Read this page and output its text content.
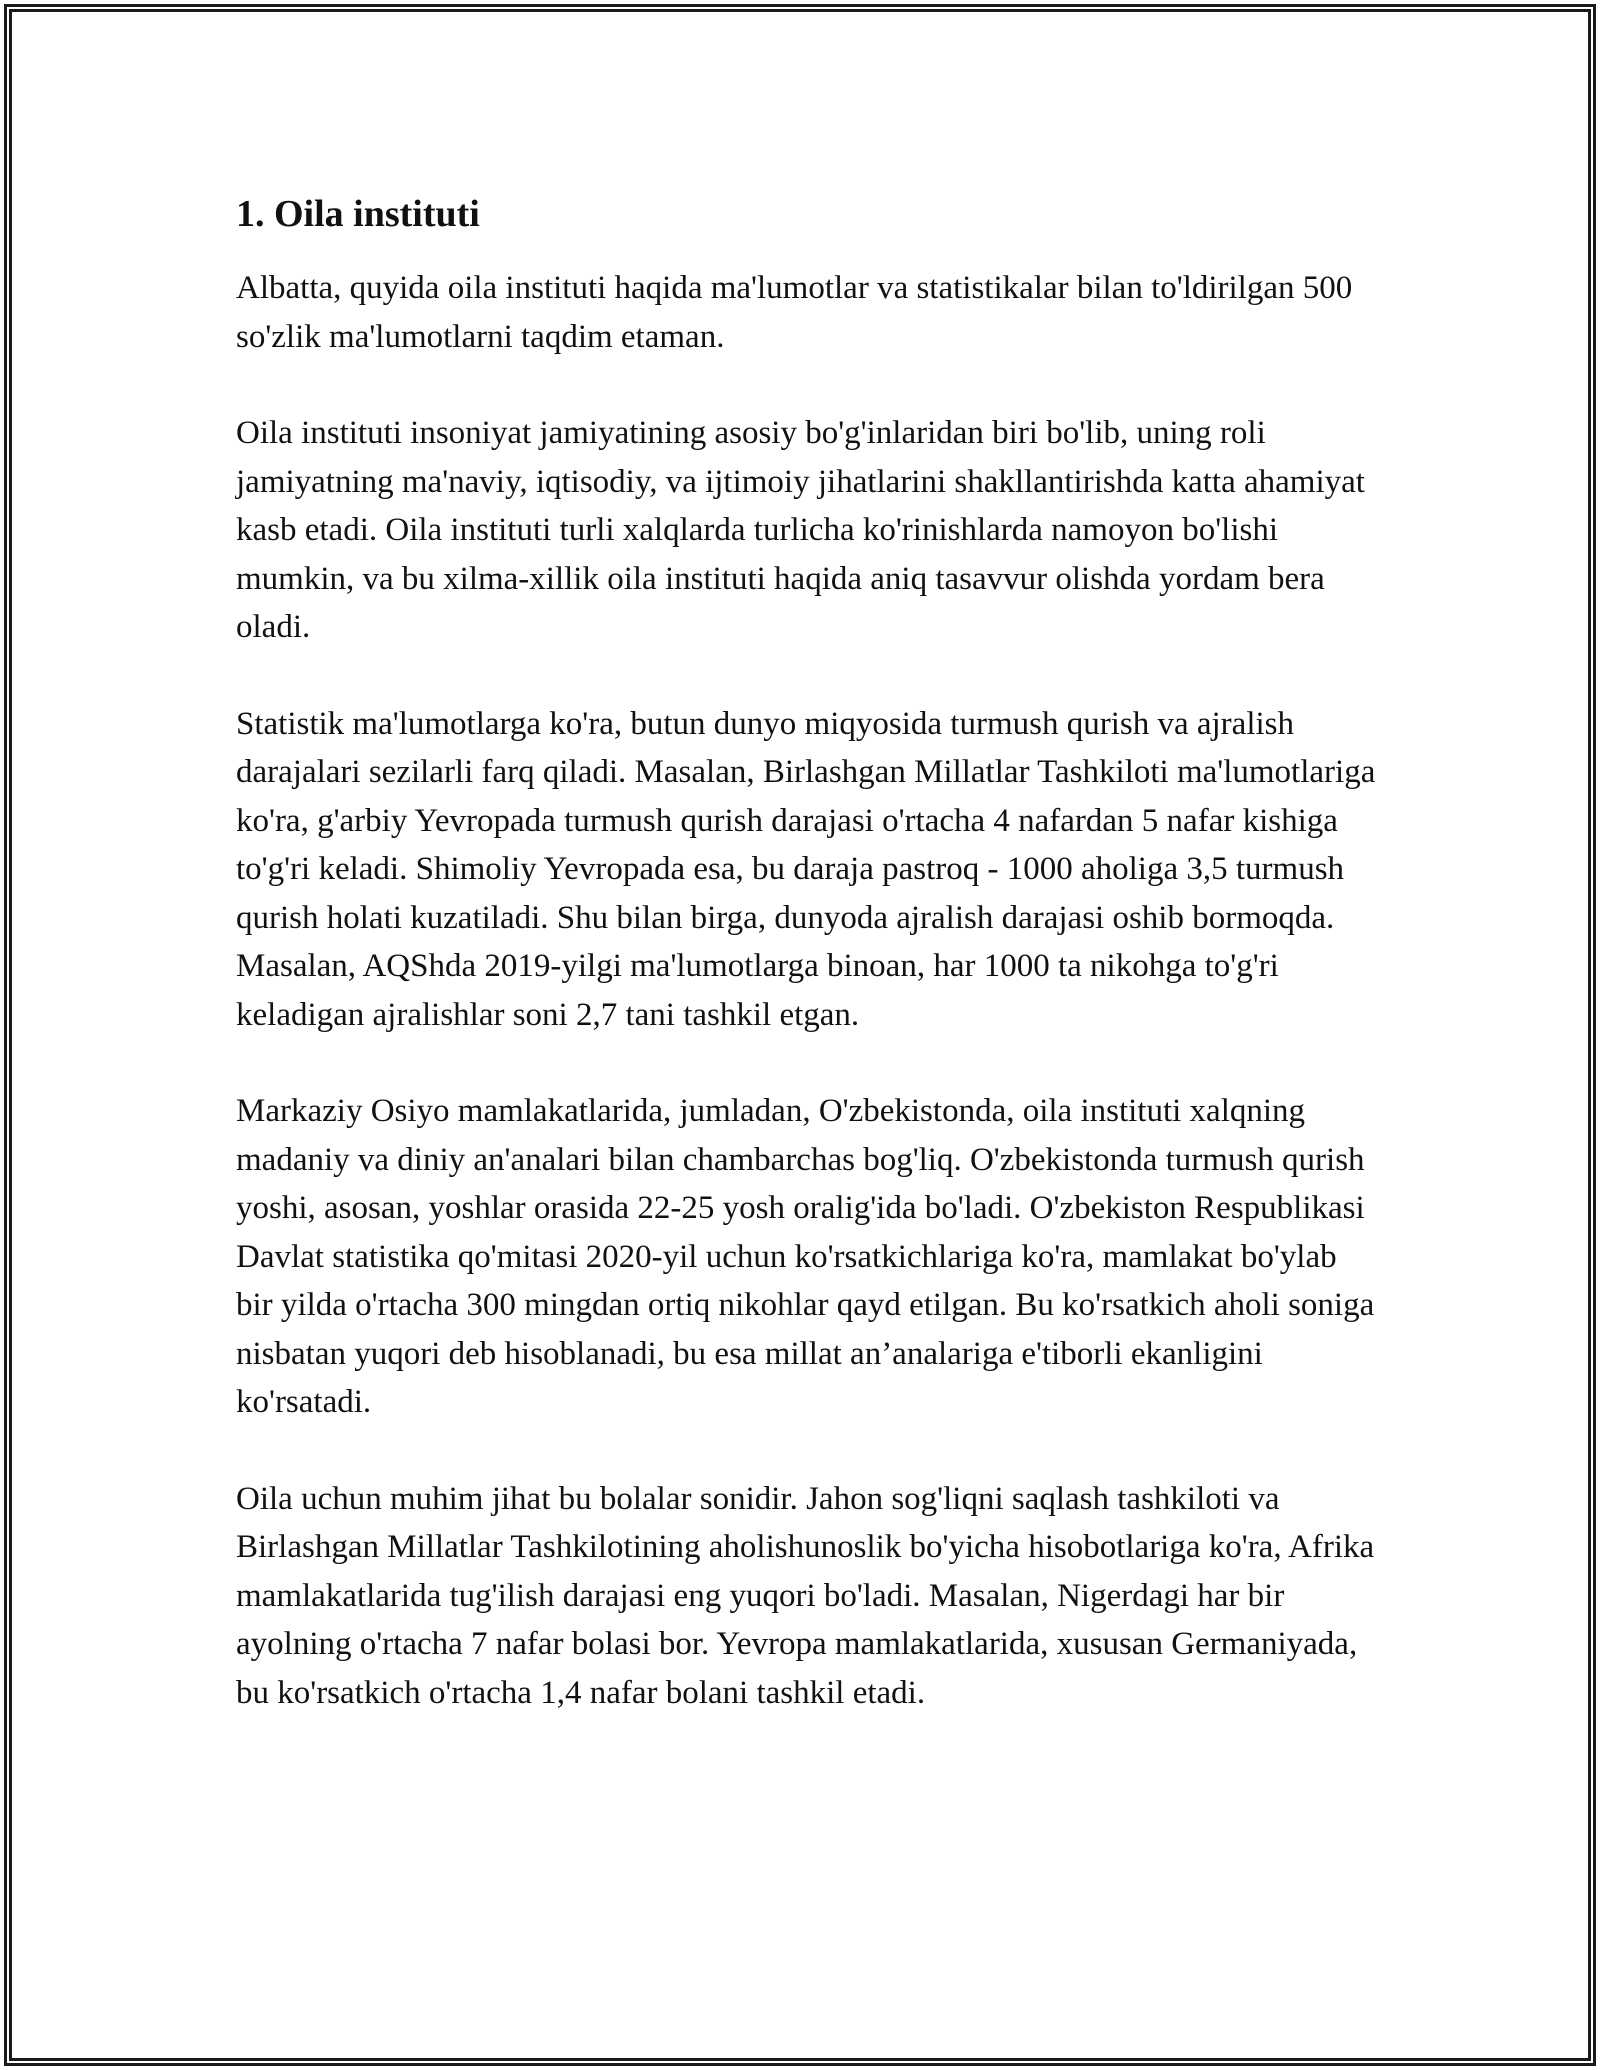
1. Oila instituti

Albatta, quyida oila instituti haqida ma'lumotlar va statistikalar bilan to'ldirilgan 500 so'zlik ma'lumotlarni taqdim etaman.

Oila instituti insoniyat jamiyatining asosiy bo'g'inlaridan biri bo'lib, uning roli jamiyatning ma'naviy, iqtisodiy, va ijtimoiy jihatlarini shakllantirishda katta ahamiyat kasb etadi. Oila instituti turli xalqlarda turlicha ko'rinishlarda namoyon bo'lishi mumkin, va bu xilma-xillik oila instituti haqida aniq tasavvur olishda yordam bera oladi.

Statistik ma'lumotlarga ko'ra, butun dunyo miqyosida turmush qurish va ajralish darajalari sezilarli farq qiladi. Masalan, Birlashgan Millatlar Tashkiloti ma'lumotlariga ko'ra, g'arbiy Yevropada turmush qurish darajasi o'rtacha 4 nafardan 5 nafar kishiga to'g'ri keladi. Shimoliy Yevropada esa, bu daraja pastroq - 1000 aholiga 3,5 turmush qurish holati kuzatiladi. Shu bilan birga, dunyoda ajralish darajasi oshib bormoqda. Masalan, AQShda 2019-yilgi ma'lumotlarga binoan, har 1000 ta nikohga to'g'ri keladigan ajralishlar soni 2,7 tani tashkil etgan.

Markaziy Osiyo mamlakatlarida, jumladan, O'zbekistonda, oila instituti xalqning madaniy va diniy an'analari bilan chambarchas bog'liq. O'zbekistonda turmush qurish yoshi, asosan, yoshlar orasida 22-25 yosh oralig'ida bo'ladi. O'zbekiston Respublikasi Davlat statistika qo'mitasi 2020-yil uchun ko'rsatkichlariga ko'ra, mamlakat bo'ylab bir yilda o'rtacha 300 mingdan ortiq nikohlar qayd etilgan. Bu ko'rsatkich aholi soniga nisbatan yuqori deb hisoblanadi, bu esa millat an’analariga e'tiborli ekanligini ko'rsatadi.

Oila uchun muhim jihat bu bolalar sonidir. Jahon sog'liqni saqlash tashkiloti va Birlashgan Millatlar Tashkilotining aholishunoslik bo'yicha hisobotlariga ko'ra, Afrika mamlakatlarida tug'ilish darajasi eng yuqori bo'ladi. Masalan, Nigerdagi har bir ayolning o'rtacha 7 nafar bolasi bor. Yevropa mamlakatlarida, xususan Germaniyada, bu ko'rsatkich o'rtacha 1,4 nafar bolani tashkil etadi.
